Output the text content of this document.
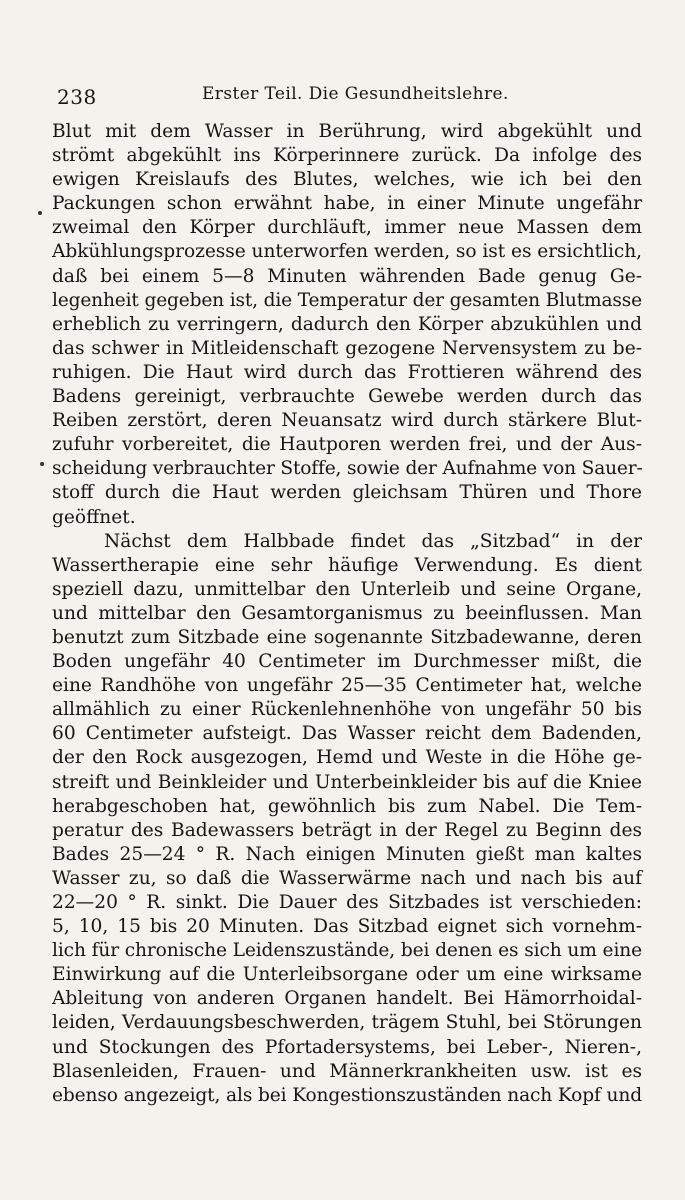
238	Erster Teil. Die Gesundheitslehre.
Blut mit dem Wasser in Berührung, wird abgekühlt und
strömt abgekühlt ins Körperinnere zurück. Da infolge des
ewigen Kreislaufs des Blutes, welches, wie ich bei den
Packungen schon erwähnt habe, in einer Minute ungefähr
zweimal den Körper durchläuft, immer neue Massen dem
Abkühlungsprozesse unterworfen werden, so ist es ersichtlich,
daß bei einem 5—8 Minuten währenden Bade genug Ge-
legenheit gegeben ist, die Temperatur der gesamten Blutmasse
erheblich zu verringern, dadurch den Körper abzukühlen und
das schwer in Mitleidenschaft gezogene Nervensystem zu be-
ruhigen. Die Haut wird durch das Frottieren während des
Badens gereinigt, verbrauchte Gewebe werden durch das
Reiben zerstört, deren Neuansatz wird durch stärkere Blut-
zufuhr vorbereitet, die Hautporen werden frei, und der Aus-
scheidung verbrauchter Stoffe, sowie der Aufnahme von Sauer-
stoff durch die Haut werden gleichsam Thüren und Thore
geöffnet.
Nächst dem Halbbade findet das „Sitzbad“ in der
Wassertherapie eine sehr häufige Verwendung. Es dient
speziell dazu, unmittelbar den Unterleib und seine Organe,
und mittelbar den Gesamtorganismus zu beeinflussen. Man
benutzt zum Sitzbade eine sogenannte Sitzbadewanne, deren
Boden ungefähr 40 Centimeter im Durchmesser mißt, die
eine Randhöhe von ungefähr 25—35 Centimeter hat, welche
allmählich zu einer Rückenlehnenhöhe von ungefähr 50 bis
60 Centimeter aufsteigt. Das Wasser reicht dem Badenden,
der den Rock ausgezogen, Hemd und Weste in die Höhe ge-
streift und Beinkleider und Unterbeinkleider bis auf die Kniee
herabgeschoben hat, gewöhnlich bis zum Nabel. Die Tem-
peratur des Badewassers beträgt in der Regel zu Beginn des
Bades 25—24 ° R. Nach einigen Minuten gießt man kaltes
Wasser zu, so daß die Wasserwärme nach und nach bis auf
22—20 ° R. sinkt. Die Dauer des Sitzbades ist verschieden:
5, 10, 15 bis 20 Minuten. Das Sitzbad eignet sich vornehm-
lich für chronische Leidenszustände, bei denen es sich um eine
Einwirkung auf die Unterleibsorgane oder um eine wirksame
Ableitung von anderen Organen handelt. Bei Hämorrhoidal-
leiden, Verdauungsbeschwerden, trägem Stuhl, bei Störungen
und Stockungen des Pfortadersystems, bei Leber-, Nieren-,
Blasenleiden, Frauen- und Männerkrankheiten usw. ist es
ebenso angezeigt, als bei Kongestionszuständen nach Kopf und
